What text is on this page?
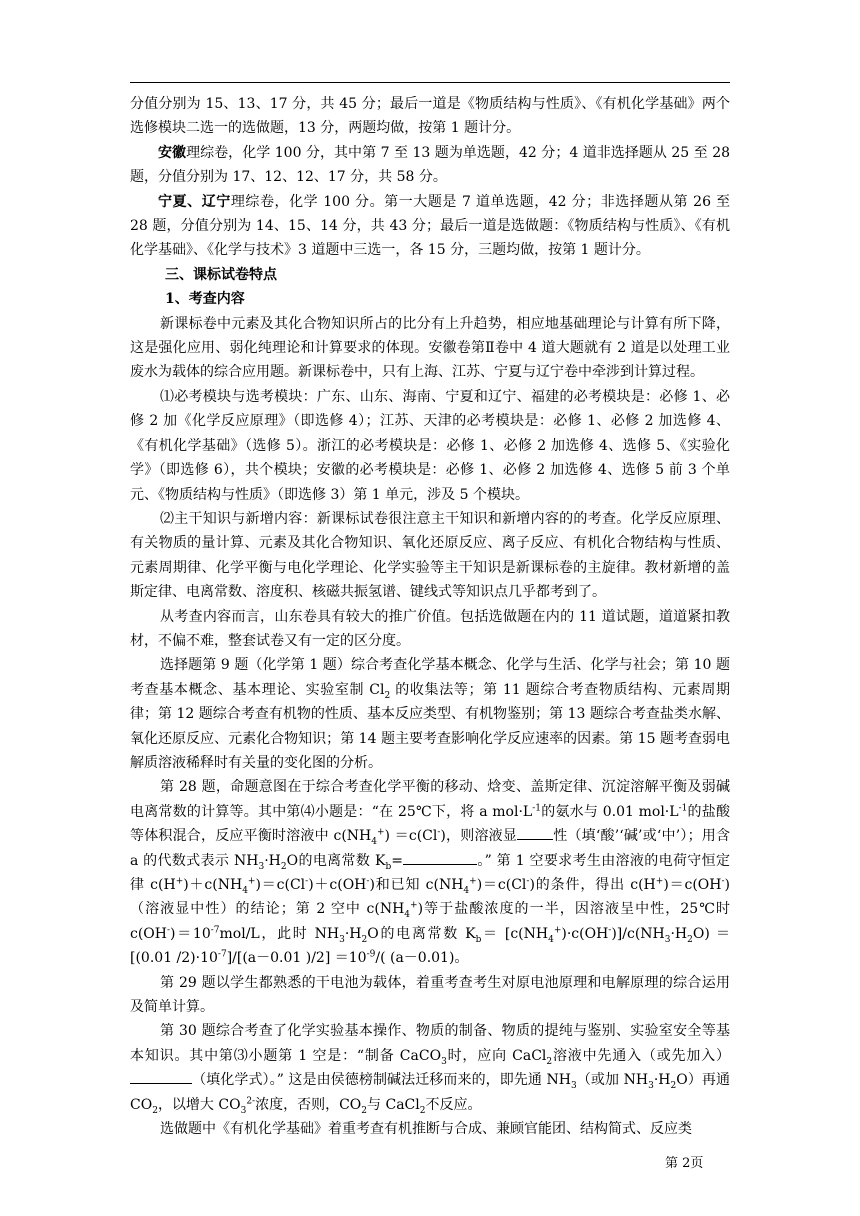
分值分别为 15、13、17 分，共 45 分；最后一道是《物质结构与性质》、《有机化学基础》两个选修模块二选一的选做题，13 分，两题均做，按第 1 题计分。

安徽理综卷，化学 100 分，其中第 7 至 13 题为单选题，42 分；4 道非选择题从 25 至 28 题，分值分别为 17、12、12、17 分，共 58 分。

宁夏、辽宁理综卷，化学 100 分。第一大题是 7 道单选题，42 分；非选择题从第 26 至 28 题，分值分别为 14、15、14 分，共 43 分；最后一道是选做题：《物质结构与性质》、《有机化学基础》、《化学与技术》3 道题中三选一，各 15 分，三题均做，按第 1 题计分。

三、课标试卷特点

1、考查内容

新课标卷中元素及其化合物知识所占的比分有上升趋势，相应地基础理论与计算有所下降，这是强化应用、弱化纯理论和计算要求的体现。安徽卷第Ⅱ卷中 4 道大题就有 2 道是以处理工业废水为载体的综合应用题。新课标卷中，只有上海、江苏、宁夏与辽宁卷中牵涉到计算过程。

⑴必考模块与选考模块：广东、山东、海南、宁夏和辽宁、福建的必考模块是：必修 1、必修 2 加《化学反应原理》（即选修 4）；江苏、天津的必考模块是：必修 1、必修 2 加选修 4、《有机化学基础》（选修 5）。浙江的必考模块是：必修 1、必修 2 加选修 4、选修 5、《实验化学》（即选修 6），共个模块；安徽的必考模块是：必修 1、必修 2 加选修 4、选修 5 前 3 个单元、《物质结构与性质》（即选修 3）第 1 单元，涉及 5 个模块。

⑵主干知识与新增内容：新课标试卷很注意主干知识和新增内容的的考查。化学反应原理、有关物质的量计算、元素及其化合物知识、氧化还原反应、离子反应、有机化合物结构与性质、元素周期律、化学平衡与电化学理论、化学实验等主干知识是新课标卷的主旋律。教材新增的盖斯定律、电离常数、溶度积、核磁共振氢谱、键线式等知识点几乎都考到了。

从考查内容而言，山东卷具有较大的推广价值。包括选做题在内的 11 道试题，道道紧扣教材，不偏不难，整套试卷又有一定的区分度。

选择题第 9 题（化学第 1 题）综合考查化学基本概念、化学与生活、化学与社会；第 10 题考查基本概念、基本理论、实验室制 $Cl_2$ 的收集法等；第 11 题综合考查物质结构、元素周期律；第 12 题综合考查有机物的性质、基本反应类型、有机物鉴别；第 13 题综合考查盐类水解、氧化还原反应、元素化合物知识；第 14 题主要考查影响化学反应速率的因素。第 15 题考查弱电解质溶液稀释时有关量的变化图的分析。

第 28 题，命题意图在于综合考查化学平衡的移动、焓变、盖斯定律、沉淀溶解平衡及弱碱电离常数的计算等。其中第⑷小题是：“在 25℃下，将 a $mol\cdot L^{-1}$的氨水与 0.01 $mol\cdot L^{-1}$的盐酸等体积混合，反应平衡时溶液中 $c(NH_4^+) =c(Cl^-)$，则溶液显	性（填‘酸’‘碱’或‘中’）；用含 a 的代数式表示 $NH_3\cdot H_2O$的电离常数 $K_b=$	。” 第 1 空要求考生由溶液的电荷守恒定律 $c(H^+)+c(NH_4^+)=c(Cl^-)+c(OH^-)$和已知 $c(NH_4^+)=c(Cl^-)$的条件，得出 c(H+)＝c(OH-)（溶液显中性）的结论；第 2 空中 $c(NH_4^+)$等于盐酸浓度的一半，因溶液呈中性，25℃时 $c(OH^-)=10^{-7}mol/L$，此时 $NH_3\cdot H_2O$的电离常数 $K_b= [c(NH_4^+)\cdot c(OH^-)]/c(NH_3\cdot H_2O) =[(0.01$ $/2)\cdot 10^{-7}]/[(a-0.01$ )$/2] =10^{-9}/$( (a－0.01)。

第 29 题以学生都熟悉的干电池为载体，着重考查考生对原电池原理和电解原理的综合运用及简单计算。

第 30 题综合考查了化学实验基本操作、物质的制备、物质的提纯与鉴别、实验室安全等基本知识。其中第⑶小题第 1 空是：“制备 CaCO$_3$时，应向 CaCl$_2$溶液中先通入（或先加入）（填化学式）。” 这是由侯德榜制碱法迁移而来的，即先通 $NH_3$（或加 $NH_3\cdot H_2O$）再通 $CO_2$，以增大 $CO_3^{2-}$浓度，否则，$CO_2$与 CaCl$_2$不反应。

选做题中《有机化学基础》着重考查有机推断与合成、兼顾官能团、结构简式、反应类

第 2页
